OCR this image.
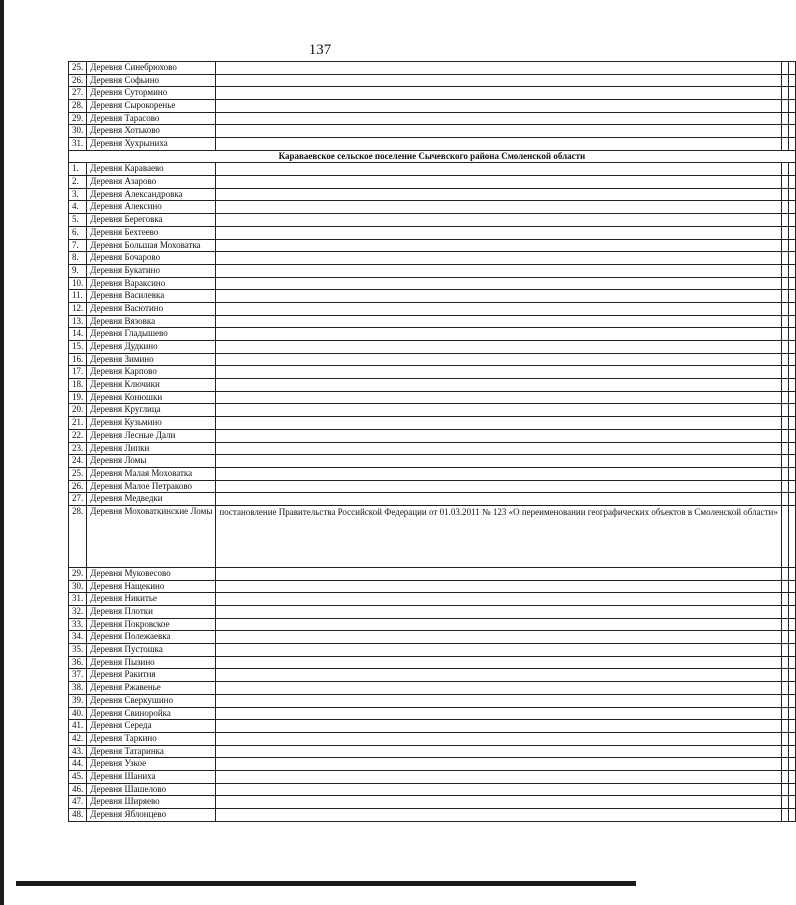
137
25.	Деревня Синебрюхово			
26.	Деревня Софьино			
27.	Деревня Сутормино			
28.	Деревня Сырокоренье			
29.	Деревня Тарасово			
30.	Деревня Хотьково			
31.	Деревня Хухрыниха			
Караваевское сельское поселение Сычевского района Смоленской области				
1.	Деревня Караваево			
2.	Деревня Азарово			
3.	Деревня Александровка			
4.	Деревня Алексино			
5.	Деревня Береговка			
6.	Деревня Бехтеево			
7.	Деревня Большая Моховатка			
8.	Деревня Бочарово			
9.	Деревня Букатино			
10.	Деревня Вараксино			
11.	Деревня Василевка			
12.	Деревня Васютино			
13.	Деревня Вязовка			
14.	Деревня Гладышево			
15.	Деревня Дудкино			
16.	Деревня Зимино			
17.	Деревня Карпово			
18.	Деревня Ключики			
19.	Деревня Конюшки			
20.	Деревня Круглица			
21.	Деревня Кузьмино			
22.	Деревня Лесные Дали			
23.	Деревня Липки			
24.	Деревня Ломы			
25.	Деревня Малая Моховатка			
26.	Деревня Малое Петраково			
27.	Деревня Медведки			
28.	Деревня Моховаткинские Ломы	постановление Правительства Российской Федерации от 01.03.2011 № 123 «О переименовании географических объектов в Смоленской области»		
29.	Деревня Муковесово			
30.	Деревня Нащекино			
31.	Деревня Никитье			
32.	Деревня Плотки			
33.	Деревня Покровское			
34.	Деревня Полежаевка			
35.	Деревня Пустошка			
36.	Деревня Пызино			
37.	Деревня Ракитня			
38.	Деревня Ржавенье			
39.	Деревня Сверкушино			
40.	Деревня Свиноройка			
41.	Деревня Середа			
42.	Деревня Таркино			
43.	Деревня Татаринка			
44.	Деревня Узкое			
45.	Деревня Шаниха			
46.	Деревня Шашелово			
47.	Деревня Ширяево			
48.	Деревня Яблонцево			
